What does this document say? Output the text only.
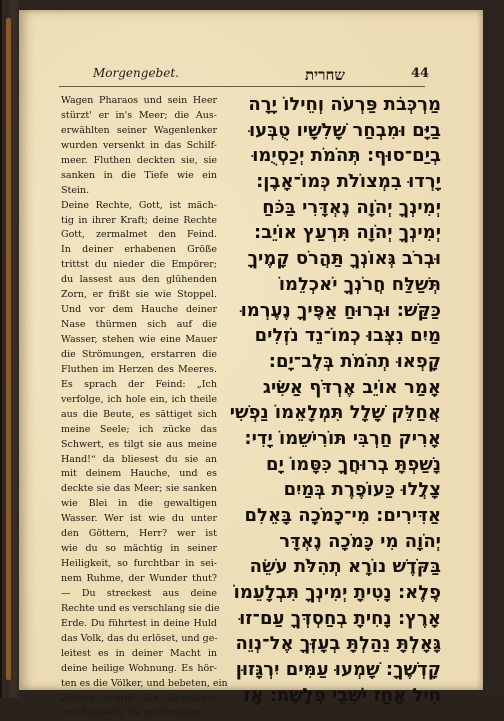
Morgengebet.	שחרית	44
Wagen Pharaos und sein Heer
stürzt' er in's Meer; die Aus-
erwählten seiner Wagenlenker
wurden versenkt in das Schilf-
meer. Fluthen deckten sie, sie
sanken in die Tiefe wie ein
Stein.
Deine Rechte, Gott, ist mäch-
tig in ihrer Kraft; deine Rechte
Gott, zermalmet den Feind.
In deiner erhabenen Größe
trittst du nieder die Empörer;
du lassest aus den glühenden
Zorn, er frißt sie wie Stoppel.
Und vor dem Hauche deiner
Nase thürmen sich auf die
Wasser, stehen wie eine Mauer
die Strömungen, erstarren die
Fluthen im Herzen des Meeres.
Es sprach der Feind: „Ich
verfolge, ich hole ein, ich theile
aus die Beute, es sättiget sich
meine Seele; ich zücke das
Schwert, es tilgt sie aus meine
Hand!“ da bliesest du sie an
mit deinem Hauche, und es
deckte sie das Meer; sie sanken
wie Blei in die gewaltigen
Wasser. Wer ist wie du unter
den Göttern, Herr? wer ist
wie du so mächtig in seiner
Heiligkeit, so furchtbar in sei-
nem Ruhme, der Wunder thut?
— Du streckest aus deine
Rechte und es verschlang sie die
Erde. Du führtest in deine Huld
das Volk, das du erlöset, und ge-
leitest es in deiner Macht in
deine heilige Wohnung. Es hör-
ten es die Völker, und bebeten, ein
Zittern ergriff die Bewohner
von Peleseth. Da erschracken
מַרְכְּבֹת פַּרְעֹה וְחֵילוֹ יָרָה
בַיָּם וּמִבְחַר שָׁלִשָׁיו טֻבְּעוּ
בְיַם־סוּף: תְּהֹמֹת יְכַסְיֻמוּ
יָרְדוּ בִמְצוֹלֹת כְּמוֹ־אָבֶן:
יְמִינְךָ יְהֹוָה נֶאְדָּרִי בַּכֹּחַ
יְמִינְךָ יְהֹוָה תִּרְעַץ אוֹיֵב:
וּבְרֹב גְּאוֹנְךָ תַּהֲרֹס קָמֶיךָ
תְּשַׁלַּח חֲרֹנְךָ יֹאכְלֵמוֹ
כַּקַּשׁ: וּבְרוּחַ אַפֶּיךָ נֶעֶרְמוּ
מַיִם נִצְּבוּ כְמוֹ־נֵד נֹזְלִים
קָפְאוּ תְהֹמֹת בְּלֶב־יָם:
אָמַר אוֹיֵב אֶרְדֹּף אַשִּׂיג
אֲחַלֵּק שָׁלָל תִּמְלָאֵמוֹ נַפְשִׁי
אָרִיק חַרְבִּי תּוֹרִישֵׁמוֹ יָדִי:
נָשַׁפְתָּ בְרוּחֲךָ כִּסָּמוֹ יָם
צָלֲלוּ כַּעוֹפֶרֶת בְּמַיִם
אַדִּירִים: מִי־כָמֹכָה בָּאֵלִם
יְהֹוָה מִי כָּמֹכָה נֶאְדָּר
בַּקֹּדֶשׁ נוֹרָא תְהִלֹּת עֹשֵׂה
פֶלֶא: נָטִיתָ יְמִינְךָ תִּבְלָעֵמוֹ
אָרֶץ: נָחִיתָ בְחַסְדְּךָ עַם־זוּ
גָּאָלְתָּ נֵהַלְתָּ בְעָזְּךָ אֶל־נְוֵה
קָדְשֶׁךָ: שָׁמְעוּ עַמִּים יִרְגָּזוּן
חִיל אָחַז יֹשְׁבֵי פְּלָשֶׁת: אָז
